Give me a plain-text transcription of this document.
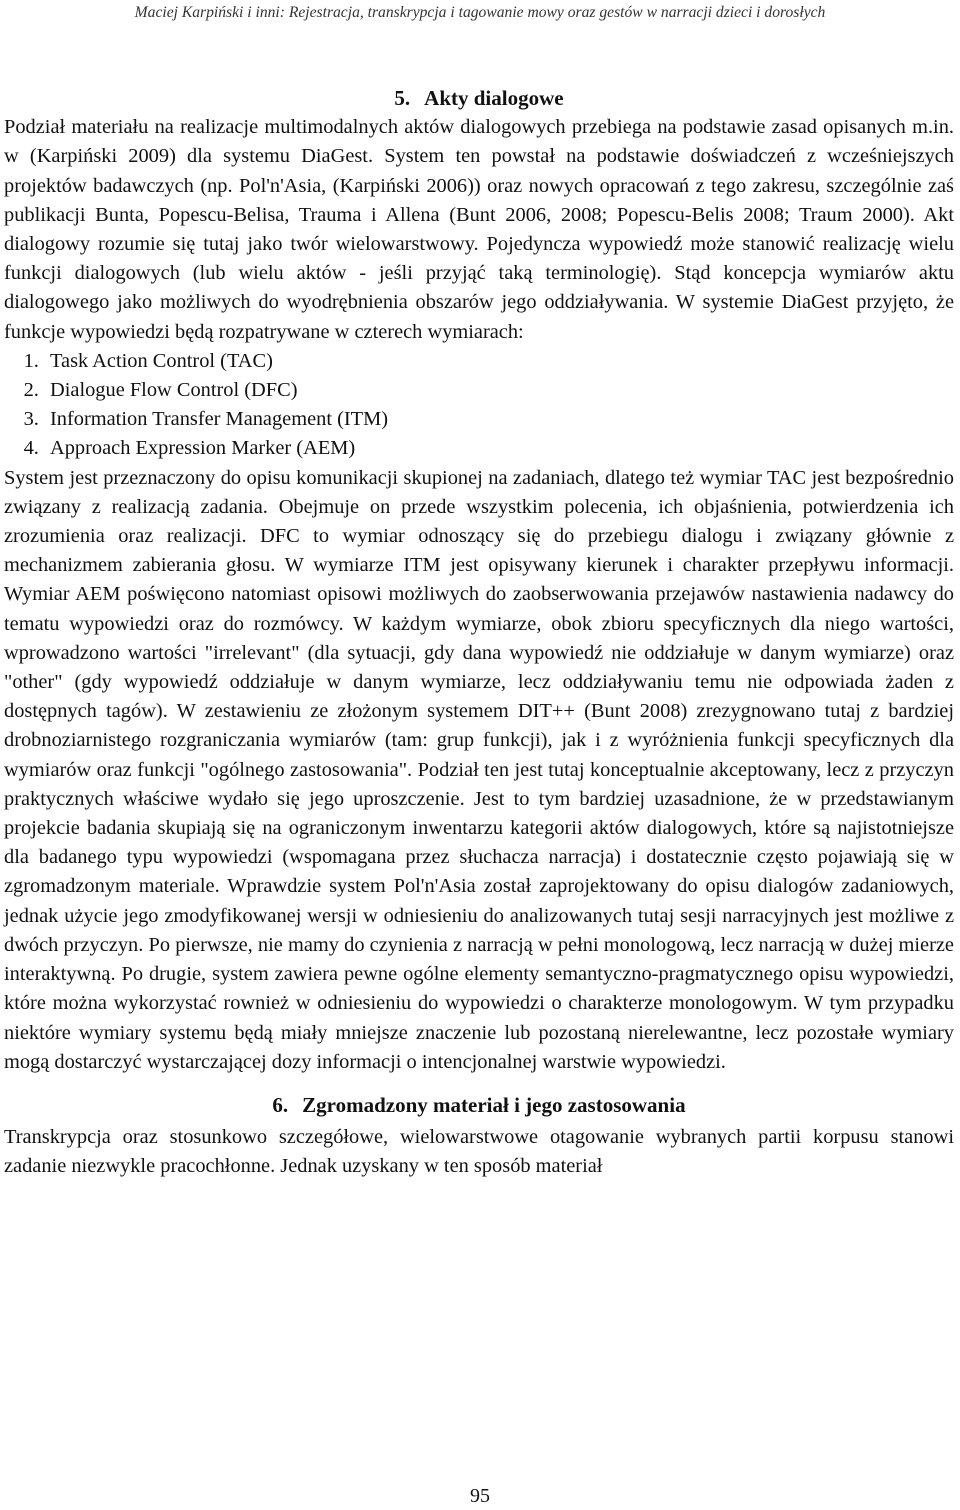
Maciej Karpiński i inni: Rejestracja, transkrypcja i tagowanie mowy oraz gestów w narracji dzieci i dorosłych
5. Akty dialogowe

Podział materiału na realizacje multimodalnych aktów dialogowych przebiega na podstawie zasad opisanych m.in. w (Karpiński 2009) dla systemu DiaGest. System ten powstał na podstawie doświadczeń z wcześniejszych projektów badawczych (np. Pol'n'Asia, (Karpiński 2006)) oraz nowych opracowań z tego zakresu, szczególnie zaś publikacji Bunta, Popescu-Belisa, Trauma i Allena (Bunt 2006, 2008; Popescu-Belis 2008; Traum 2000). Akt dialogowy rozumie się tutaj jako twór wielowarstwowy. Pojedyncza wypowiedź może stanowić realizację wielu funkcji dialogowych (lub wielu aktów - jeśli przyjąć taką terminologię). Stąd koncepcja wymiarów aktu dialogowego jako możliwych do wyodrębnienia obszarów jego oddziaływania. W systemie DiaGest przyjęto, że funkcje wypowiedzi będą rozpatrywane w czterech wymiarach:

1. Task Action Control (TAC)
2. Dialogue Flow Control (DFC)
3. Information Transfer Management (ITM)
4. Approach Expression Marker (AEM)

System jest przeznaczony do opisu komunikacji skupionej na zadaniach, dlatego też wymiar TAC jest bezpośrednio związany z realizacją zadania. Obejmuje on przede wszystkim polecenia, ich objaśnienia, potwierdzenia ich zrozumienia oraz realizacji. DFC to wymiar odnoszący się do przebiegu dialogu i związany głównie z mechanizmem zabierania głosu. W wymiarze ITM jest opisywany kierunek i charakter przepływu informacji. Wymiar AEM poświęcono natomiast opisowi możliwych do zaobserwowania przejawów nastawienia nadawcy do tematu wypowiedzi oraz do rozmówcy. W każdym wymiarze, obok zbioru specyficznych dla niego wartości, wprowadzono wartości "irrelevant" (dla sytuacji, gdy dana wypowiedź nie oddziałuje w danym wymiarze) oraz "other" (gdy wypowiedź oddziałuje w danym wymiarze, lecz oddziaływaniu temu nie odpowiada żaden z dostępnych tagów). W zestawieniu ze złożonym systemem DIT++ (Bunt 2008) zrezygnowano tutaj z bardziej drobnoziarnistego rozgraniczania wymiarów (tam: grup funkcji), jak i z wyróżnienia funkcji specyficznych dla wymiarów oraz funkcji "ogólnego zastosowania". Podział ten jest tutaj konceptualnie akceptowany, lecz z przyczyn praktycznych właściwe wydało się jego uproszczenie. Jest to tym bardziej uzasadnione, że w przedstawianym projekcie badania skupiają się na ograniczonym inwentarzu kategorii aktów dialogowych, które są najistotniejsze dla badanego typu wypowiedzi (wspomagana przez słuchacza narracja) i dostatecznie często pojawiają się w zgromadzonym materiale. Wprawdzie system Pol'n'Asia został zaprojektowany do opisu dialogów zadaniowych, jednak użycie jego zmodyfikowanej wersji w odniesieniu do analizowanych tutaj sesji narracyjnych jest możliwe z dwóch przyczyn. Po pierwsze, nie mamy do czynienia z narracją w pełni monologową, lecz narracją w dużej mierze interaktywną. Po drugie, system zawiera pewne ogólne elementy semantyczno-pragmatycznego opisu wypowiedzi, które można wykorzystać rownież w odniesieniu do wypowiedzi o charakterze monologowym. W tym przypadku niektóre wymiary systemu będą miały mniejsze znaczenie lub pozostaną nierelewantne, lecz pozostałe wymiary mogą dostarczyć wystarczającej dozy informacji o intencjonalnej warstwie wypowiedzi.

6. Zgromadzony materiał i jego zastosowania

Transkrypcja oraz stosunkowo szczegółowe, wielowarstwowe otagowanie wybranych partii korpusu stanowi zadanie niezwykle pracochłonne. Jednak uzyskany w ten sposób materiał

95
